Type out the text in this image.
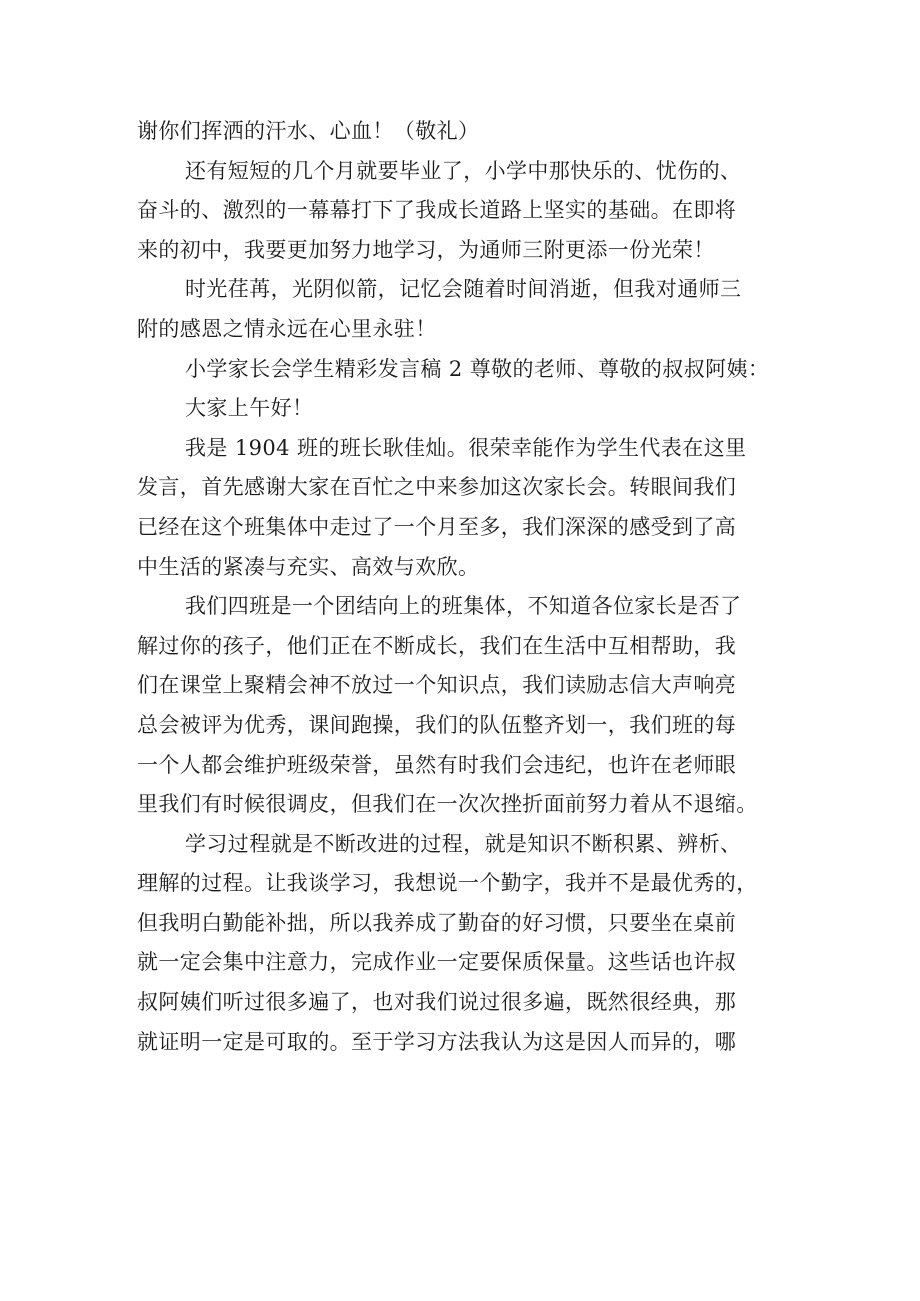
谢你们挥洒的汗水、心血！（敬礼）
还有短短的几个月就要毕业了，小学中那快乐的、忧伤的、
奋斗的、激烈的一幕幕打下了我成长道路上坚实的基础。在即将
来的初中，我要更加努力地学习，为通师三附更添一份光荣！
时光荏苒，光阴似箭，记忆会随着时间消逝，但我对通师三
附的感恩之情永远在心里永驻！
小学家长会学生精彩发言稿 2 尊敬的老师、尊敬的叔叔阿姨：
大家上午好！
我是 1904 班的班长耿佳灿。很荣幸能作为学生代表在这里
发言，首先感谢大家在百忙之中来参加这次家长会。转眼间我们
已经在这个班集体中走过了一个月至多，我们深深的感受到了高
中生活的紧凑与充实、高效与欢欣。
我们四班是一个团结向上的班集体，不知道各位家长是否了
解过你的孩子，他们正在不断成长，我们在生活中互相帮助，我
们在课堂上聚精会神不放过一个知识点，我们读励志信大声响亮
总会被评为优秀，课间跑操，我们的队伍整齐划一，我们班的每
一个人都会维护班级荣誉，虽然有时我们会违纪，也许在老师眼
里我们有时候很调皮，但我们在一次次挫折面前努力着从不退缩。
学习过程就是不断改进的过程，就是知识不断积累、辨析、
理解的过程。让我谈学习，我想说一个勤字，我并不是最优秀的，
但我明白勤能补拙，所以我养成了勤奋的好习惯，只要坐在桌前
就一定会集中注意力，完成作业一定要保质保量。这些话也许叔
叔阿姨们听过很多遍了，也对我们说过很多遍，既然很经典，那
就证明一定是可取的。至于学习方法我认为这是因人而异的，哪
